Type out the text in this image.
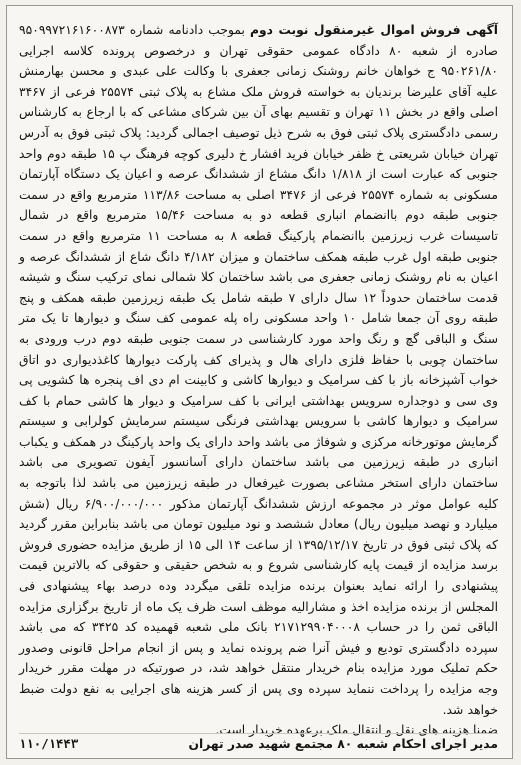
آگهی فروش اموال غیرمنقول نوبت دوم بموجب دادنامه شماره ۹۵۰۹۹۷۲۱۶۱۶۰۰۸۷۳ صادره از شعبه ۸۰ دادگاه عمومی حقوقی تهران و درخصوص پرونده کلاسه اجرایی ۹۵۰۲۶۱/۸۰ ج خواهان خانم روشنک زمانی جعفری با وکالت علی عبدی و محسن بهارمنش علیه آقای علیرضا برندیان به خواسته فروش ملک مشاع به پلاک ثبتی ۲۵۵۷۴ فرعی از ۳۴۶۷ اصلی واقع در بخش ۱۱ تهران و تقسیم بهای آن بین شرکای مشاعی که با ارجاع به کارشناس رسمی دادگستری پلاک ثبتی فوق به شرح ذیل توصیف اجمالی گردید: پلاک ثبتی فوق به آدرس تهران خیابان شریعتی خ ظفر خیابان فرید افشار خ دلیری کوچه فرهنگ پ ۱۵ طبقه دوم واحد جنوبی که عبارت است از ۱/۸۱۸ دانگ مشاع از ششدانگ عرصه و اعیان یک دستگاه آپارتمان مسکونی به شماره ۲۵۵۷۴ فرعی از ۳۴۷۶ اصلی به مساحت ۱۱۳/۸۶ مترمربع واقع در سمت جنوبی طبقه دوم باانضمام انباری قطعه دو به مساحت ۱۵/۴۶ مترمربع واقع در شمال تاسیسات غرب زیرزمین باانضمام پارکینگ قطعه ۸ به مساحت ۱۱ مترمربع واقع در سمت جنوبی طبقه اول غرب طبقه همکف ساختمان و میزان ۴/۱۸۲ دانگ شاع از ششدانگ عرصه و اعیان به نام روشنک زمانی جعفری می باشد ساختمان کلا شمالی نمای ترکیب سنگ و شیشه قدمت ساختمان حدوداً ۱۲ سال دارای ۷ طبقه شامل یک طبقه زیرزمین طبقه همکف و پنج طبقه روی آن جمعا شامل ۱۰ واحد مسکونی راه پله عمومی کف سنگ و دیوارها تا یک متر سنگ و الباقی گچ و رنگ واحد مورد کارشناسی در سمت جنوبی طبقه دوم درب ورودی به ساختمان چوبی با حفاظ فلزی دارای هال و پذیرای کف پارکت دیوارها کاغذدیواری دو اتاق خواب آشپزخانه باز با کف سرامیک و دیوارها کاشی و کابینت ام دی اف پنجره ها کشویی پی وی سی و دوجداره سرویس بهداشتی ایرانی با کف سرامیک و دیوار ها کاشی حمام با کف سرامیک و دیوارها کاشی با سرویس بهداشتی فرنگی سیستم سرمایش کولرابی و سیستم گرمایش موتورخانه مرکزی و شوفاژ می باشد واحد دارای یک واحد پارکینگ در همکف و یکباب انباری در طبقه زیرزمین می باشد ساختمان دارای آسانسور آیفون تصویری می باشد ساختمان دارای استخر مشاعی بصورت غیرفعال در طبقه زیرزمین می باشد لذا باتوجه به کلیه عوامل موثر در مجموعه ارزش ششدانگ آپارتمان مذکور ۶/۹۰۰/۰۰۰/۰۰۰ ریال (شش میلیارد و نهصد میلیون ریال) معادل ششصد و نود میلیون تومان می باشد بنابراین مقرر گردید که پلاک ثبتی فوق در تاریخ ۱۳۹۵/۱۲/۱۷ از ساعت ۱۴ الی ۱۵ از طریق مزایده حضوری فروش برسد مزایده از قیمت پایه کارشناسی شروع و به شخص حقیقی و حقوقی که بالاترین قیمت پیشنهادی را ارائه نماید بعنوان برنده مزایده تلقی میگردد وده درصد بهاء پیشنهادی فی المجلس از برنده مزایده اخذ و مشارالیه موظف است ظرف یک ماه از تاریخ برگزاری مزایده الباقی ثمن را در حساب ۲۱۷۱۲۹۹۰۴۰۰۰۸ بانک ملی شعبه قهمیده کد ۳۴۲۵ که می باشد سپرده دادگستری تودیع و فیش آنرا ضم پرونده نماید و پس از انجام مراحل قانونی وصدور حکم تملیک مورد مزایده بنام خریدار منتقل خواهد شد، در صورتیکه در مهلت مقرر خریدار وجه مزایده را پرداخت ننماید سپرده وی پس از کسر هزینه های اجرایی به نفع دولت ضبط خواهد شد.

ضمنا هزینه های نقل و انتقال ملک برعهده خریدار است.

مدیر اجرای احکام شعبه ۸۰ مجتمع شهید صدر تهران
۱۱۰/۱۴۴۳
